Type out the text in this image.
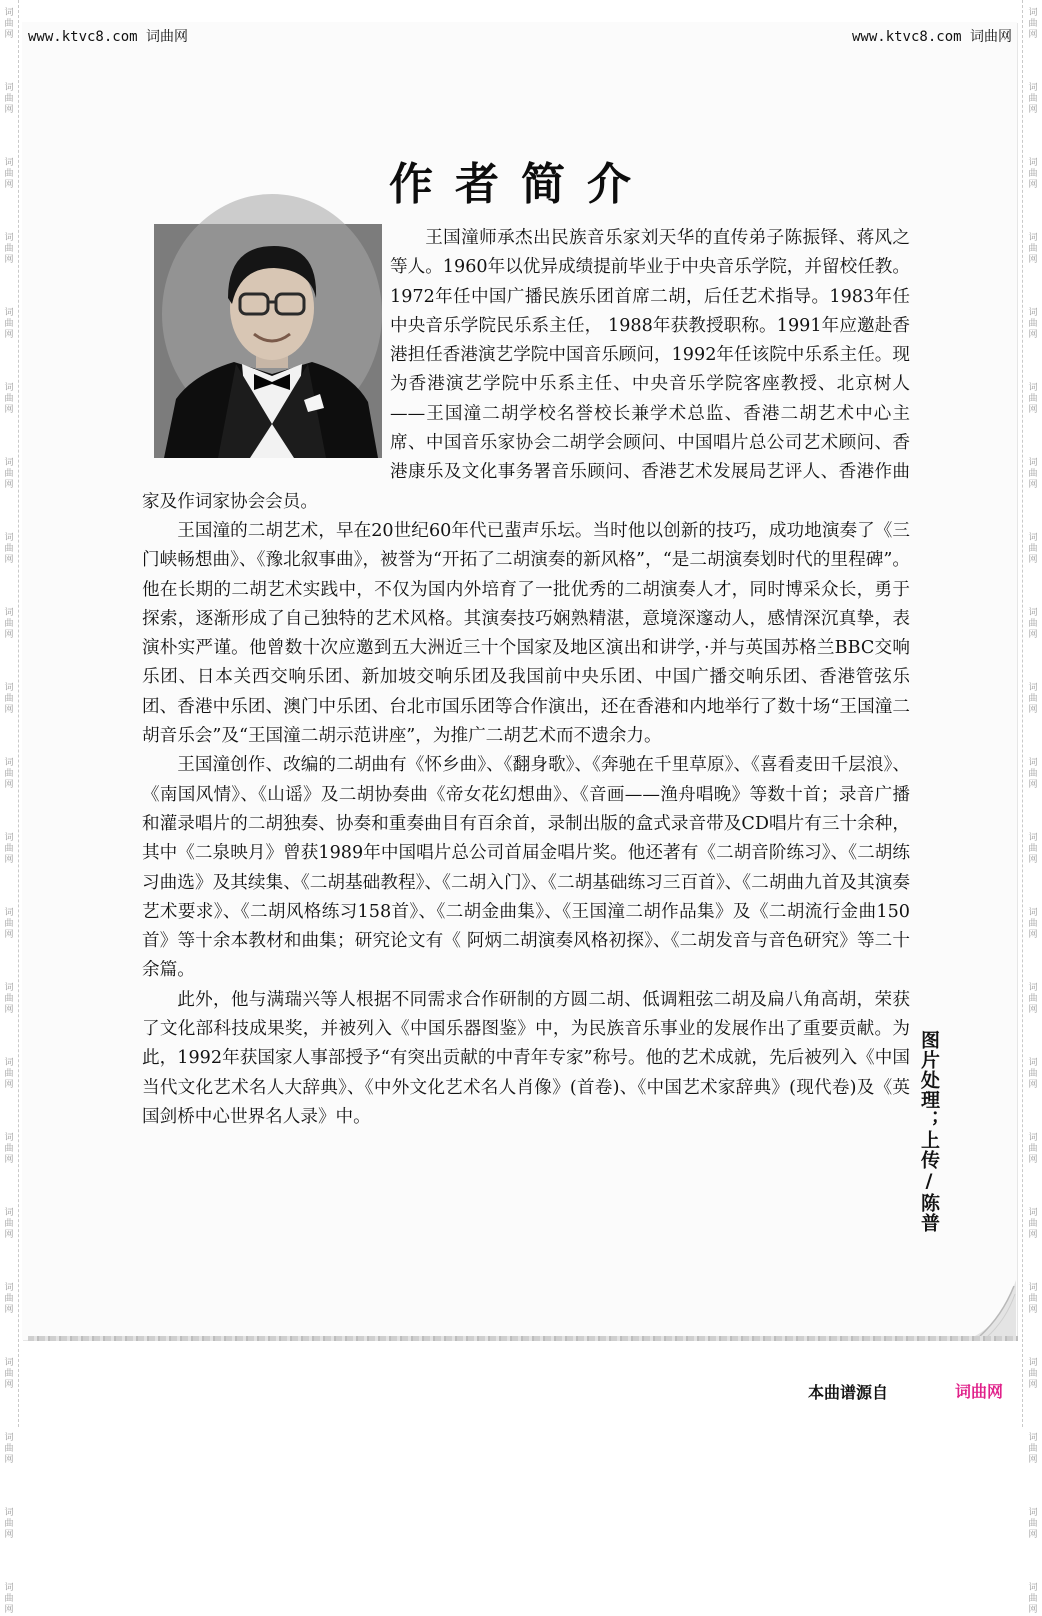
词
曲
网
词
曲
网
词
曲
网
词
曲
网
词
曲
网
词
曲
网
词
曲
网
词
曲
网
词
曲
网
词
曲
网
词
曲
网
词
曲
网
词
曲
网
词
曲
网
词
曲
网
词
曲
网
词
曲
网
词
曲
网
词
曲
网
词
曲
网
词
曲
网
词
曲
网
词
曲
网
词
曲
网
词
曲
网
词
曲
网
词
曲
网
词
曲
网
词
曲
网
词
曲
网
词
曲
网
词
曲
网
词
曲
网
词
曲
网
词
曲
网
词
曲
网
词
曲
网
词
曲
网
词
曲
网
词
曲
网
词
曲
网
词
曲
网
词
曲
网
词
曲
网
www.ktvc8.com 词曲网	www.ktvc8.com 词曲网
作者简介

王国潼师承杰出民族音乐家刘天华的直传弟子陈振铎、蒋风之等人。1960年以优异成绩提前毕业于中央音乐学院，并留校任教。1972年任中国广播民族乐团首席二胡，后任艺术指导。1983年任中央音乐学院民乐系主任， 1988年获教授职称。1991年应邀赴香港担任香港演艺学院中国音乐顾问，1992年任该院中乐系主任。现为香港演艺学院中乐系主任、中央音乐学院客座教授、北京树人——王国潼二胡学校名誉校长兼学术总监、香港二胡艺术中心主席、中国音乐家协会二胡学会顾问、中国唱片总公司艺术顾问、香港康乐及文化事务署音乐顾问、香港艺术发展局艺评人、香港作曲家及作词家协会会员。

王国潼的二胡艺术，早在20世纪60年代已蜚声乐坛。当时他以创新的技巧，成功地演奏了《三门峡畅想曲》、《豫北叙事曲》，被誉为“开拓了二胡演奏的新风格”，“是二胡演奏划时代的里程碑”。他在长期的二胡艺术实践中，不仅为国内外培育了一批优秀的二胡演奏人才，同时博采众长，勇于探索，逐渐形成了自己独特的艺术风格。其演奏技巧娴熟精湛，意境深邃动人，感情深沉真挚，表演朴实严谨。他曾数十次应邀到五大洲近三十个国家及地区演出和讲学，·并与英国苏格兰BBC交响乐团、日本关西交响乐团、新加坡交响乐团及我国前中央乐团、中国广播交响乐团、香港管弦乐团、香港中乐团、澳门中乐团、台北市国乐团等合作演出，还在香港和内地举行了数十场“王国潼二胡音乐会”及“王国潼二胡示范讲座”，为推广二胡艺术而不遗余力。

王国潼创作、改编的二胡曲有《怀乡曲》、《翻身歌》、《奔驰在千里草原》、《喜看麦田千层浪》、《南国风情》、《山谣》及二胡协奏曲《帝女花幻想曲》、《音画——渔舟唱晚》等数十首；录音广播和灌录唱片的二胡独奏、协奏和重奏曲目有百余首，录制出版的盒式录音带及CD唱片有三十余种，其中《二泉映月》曾获1989年中国唱片总公司首届金唱片奖。他还著有《二胡音阶练习》、《二胡练习曲选》及其续集、《二胡基础教程》、《二胡入门》、《二胡基础练习三百首》、《二胡曲九首及其演奏艺术要求》、《二胡风格练习158首》、《二胡金曲集》、《王国潼二胡作品集》及《二胡流行金曲150首》等十余本教材和曲集；研究论文有《 阿炳二胡演奏风格初探》、《二胡发音与音色研究》等二十余篇。

此外，他与满瑞兴等人根据不同需求合作研制的方圆二胡、低调粗弦二胡及扁八角高胡，荣获了文化部科技成果奖，并被列入《中国乐器图鉴》中，为民族音乐事业的发展作出了重要贡献。为此，1992年获国家人事部授予“有突出贡献的中青年专家”称号。他的艺术成就，先后被列入《中国当代文化艺术名人大辞典》、《中外文化艺术名人肖像》(首卷)、《中国艺术家辞典》(现代卷)及《英国剑桥中心世界名人录》中。	图片处理；上传/陈普
本曲谱源自	词曲网
